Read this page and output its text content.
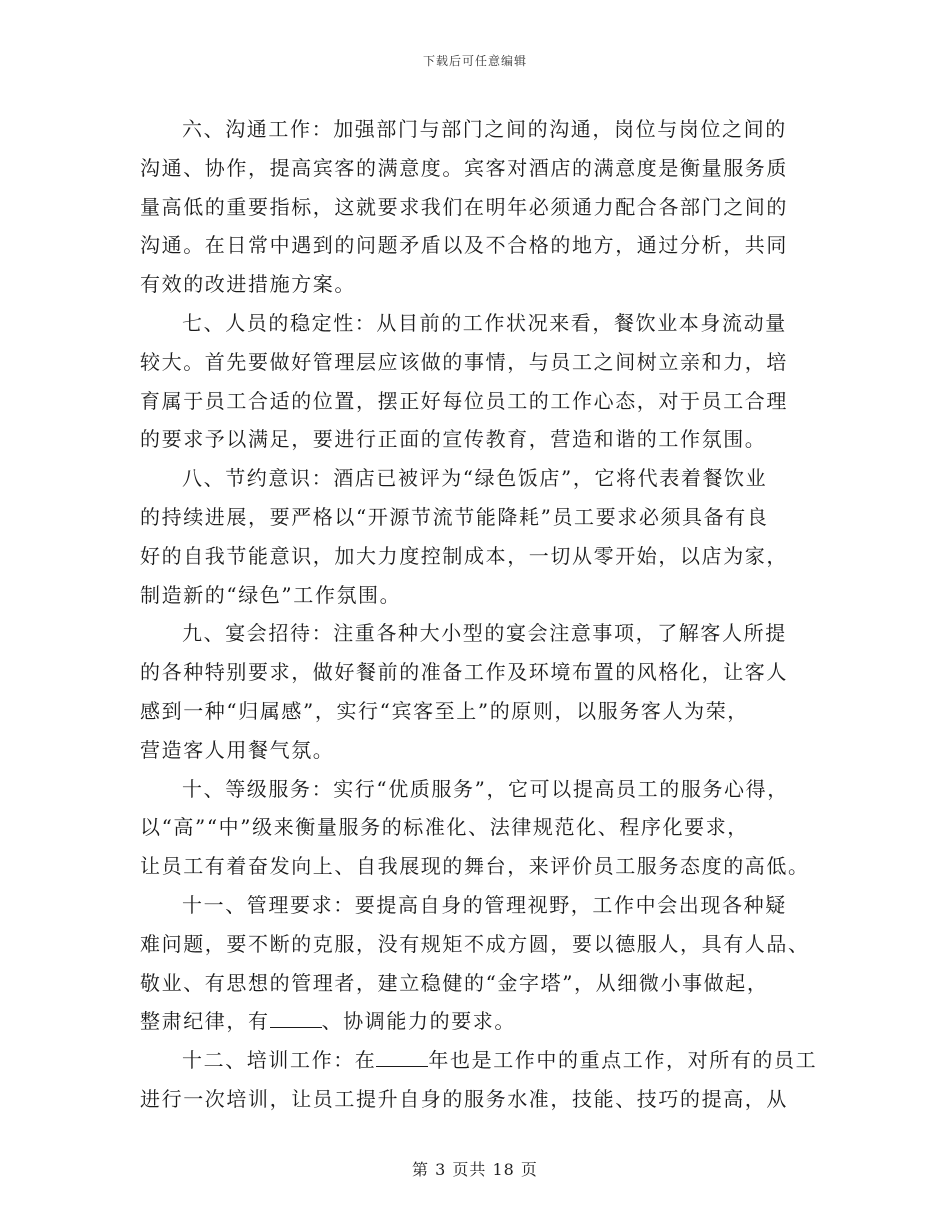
下载后可任意编辑

六、沟通工作：加强部门与部门之间的沟通，岗位与岗位之间的
沟通、协作，提高宾客的满意度。宾客对酒店的满意度是衡量服务质
量高低的重要指标，这就要求我们在明年必须通力配合各部门之间的
沟通。在日常中遇到的问题矛盾以及不合格的地方，通过分析，共同
有效的改进措施方案。

七、人员的稳定性：从目前的工作状况来看，餐饮业本身流动量
较大。首先要做好管理层应该做的事情，与员工之间树立亲和力，培
育属于员工合适的位置，摆正好每位员工的工作心态，对于员工合理
的要求予以满足，要进行正面的宣传教育，营造和谐的工作氛围。

八、节约意识：酒店已被评为“绿色饭店”，它将代表着餐饮业
的持续进展，要严格以“开源节流节能降耗”员工要求必须具备有良
好的自我节能意识，加大力度控制成本，一切从零开始，以店为家，
制造新的“绿色”工作氛围。

九、宴会招待：注重各种大小型的宴会注意事项，了解客人所提
的各种特别要求，做好餐前的准备工作及环境布置的风格化，让客人
感到一种“归属感”，实行“宾客至上”的原则，以服务客人为荣，
营造客人用餐气氛。

十、等级服务：实行“优质服务”，它可以提高员工的服务心得，
以“高”“中”级来衡量服务的标准化、法律规范化、程序化要求，
让员工有着奋发向上、自我展现的舞台，来评价员工服务态度的高低。

十一、管理要求：要提高自身的管理视野，工作中会出现各种疑
难问题，要不断的克服，没有规矩不成方圆，要以德服人，具有人品、
敬业、有思想的管理者，建立稳健的“金字塔”，从细微小事做起，
整肃纪律，有	、协调能力的要求。

十二、培训工作：在	年也是工作中的重点工作，对所有的员工
进行一次培训，让员工提升自身的服务水准，技能、技巧的提高，从

第 3 页共 18 页
